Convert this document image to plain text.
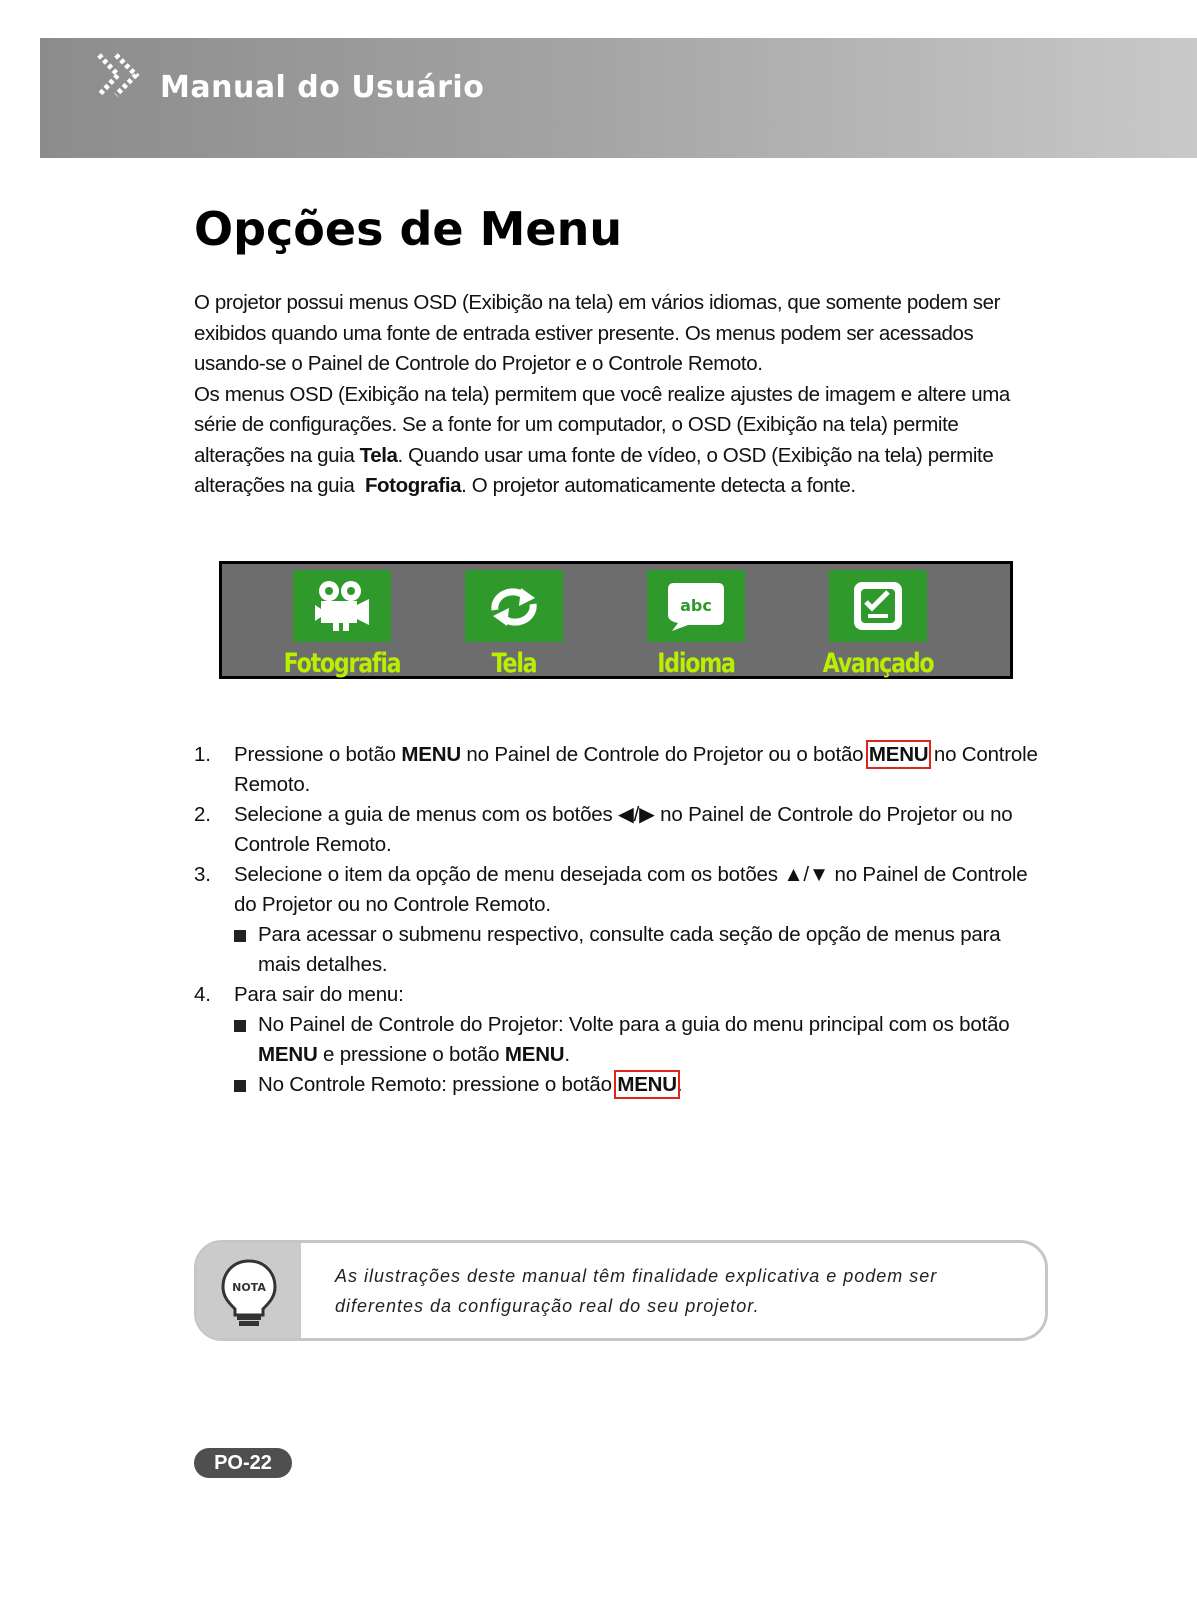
Manual do Usuário
Opções de Menu

O projetor possui menus OSD (Exibição na tela) em vários idiomas, que somente podem ser exibidos quando uma fonte de entrada estiver presente. Os menus podem ser acessados usando-se o Painel de Controle do Projetor e o Controle Remoto.

Os menus OSD (Exibição na tela) permitem que você realize ajustes de imagem e altere uma série de configurações. Se a fonte for um computador, o OSD (Exibição na tela) permite alterações na guia Tela. Quando usar uma fonte de vídeo, o OSD (Exibição na tela) permite alterações na guia  Fotografia. O projetor automaticamente detecta a fonte.

Fotografia	Tela
abc
Idioma	Avançado
1. Pressione o botão MENU no Painel de Controle do Projetor ou o botão MENU no Controle Remoto.
2. Selecione a guia de menus com os botões ◀/▶ no Painel de Controle do Projetor ou no Controle Remoto.
3. Selecione o item da opção de menu desejada com os botões ▲/▼ no Painel de Controle do Projetor ou no Controle Remoto.
Para acessar o submenu respectivo, consulte cada seção de opção de menus para mais detalhes.
4. Para sair do menu:
No Painel de Controle do Projetor: Volte para a guia do menu principal com os botão MENU e pressione o botão MENU.
No Controle Remoto: pressione o botão MENU.
NOTA

As ilustrações deste manual têm finalidade explicativa e podem ser diferentes da configuração real do seu projetor.

PO-22
